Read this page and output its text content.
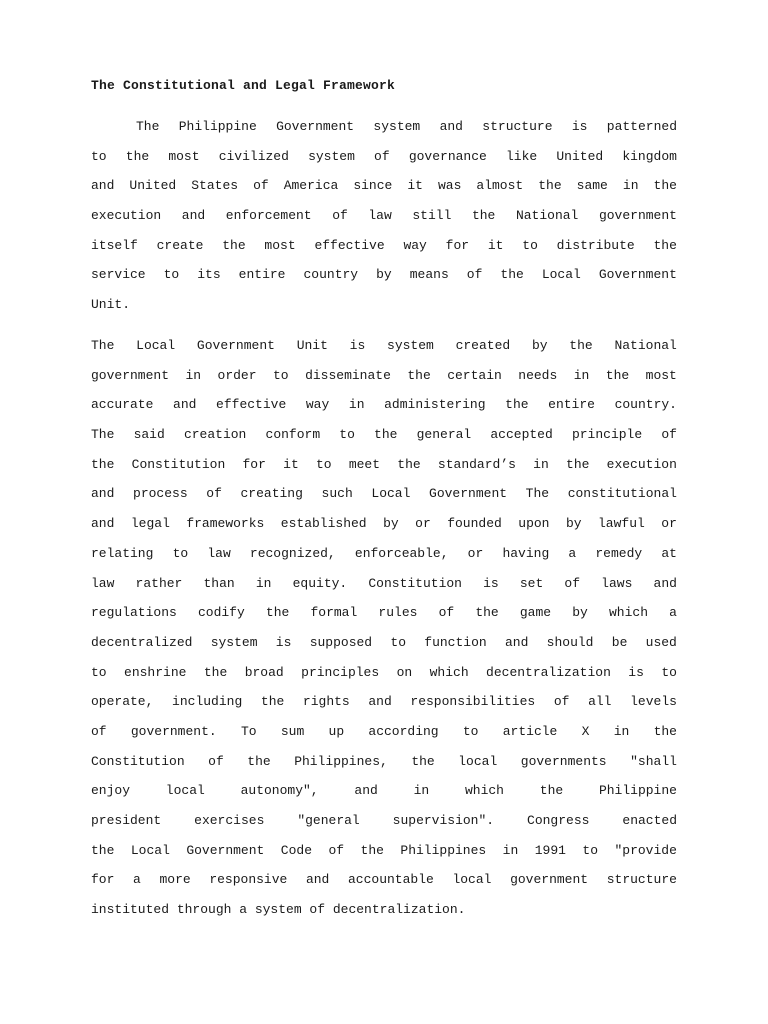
The Constitutional and Legal Framework
The Philippine Government system and structure is patterned
to the most civilized system of governance like United kingdom
and United States of America since it was almost the same in the
execution and enforcement of law still the National government
itself create the most effective way for it to distribute the
service to its entire country by means of the Local Government
Unit.
The Local Government Unit is system created by the National
government in order to disseminate the certain needs in the most
accurate and effective way in administering the entire country.
The said creation conform to the general accepted principle of
the Constitution for it to meet the standard’s in the execution
and process of creating such Local Government The constitutional
and legal frameworks established by or founded upon by lawful or
relating to law recognized, enforceable, or having a remedy at
law rather than in equity. Constitution is set of laws and
regulations codify the formal rules of the game by which a
decentralized system is supposed to function and should be used
to enshrine the broad principles on which decentralization is to
operate, including the rights and responsibilities of all levels
of government. To sum up according to article X in the
Constitution of the Philippines, the local governments "shall
enjoy	local	autonomy",	and	in	which	the	Philippine
president	exercises	"general	supervision".	Congress	enacted
the Local Government Code of the Philippines in 1991 to "provide
for a more responsive and accountable local government structure
instituted through a system of decentralization.
